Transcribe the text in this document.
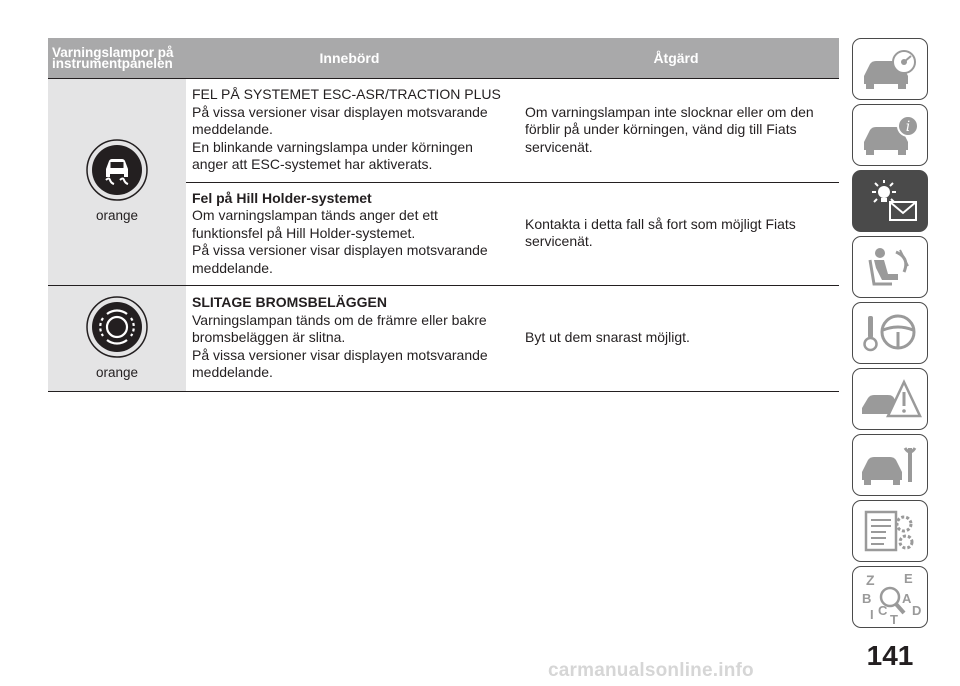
Varningslampor på
instrumentpanelen	Innebörd	Åtgärd

orange	FEL PÅ SYSTEMET ESC-ASR/TRACTION PLUS
På vissa versioner visar displayen motsvarande
meddelande.
En blinkande varningslampa under körningen
anger att ESC-systemet har aktiverats.	Om varningslampan inte slocknar eller om den
förblir på under körningen, vänd dig till Fiats
servicenät.

	Fel på Hill Holder-systemet
Om varningslampan tänds anger det ett
funktionsfel på Hill Holder-systemet.
På vissa versioner visar displayen motsvarande
meddelande.	Kontakta i detta fall så fort som möjligt Fiats
servicenät.

orange	SLITAGE BROMSBELÄGGEN
Varningslampan tänds om de främre eller bakre
bromsbeläggen är slitna.
På vissa versioner visar displayen motsvarande
meddelande.	Byt ut dem snarast möjligt.
i
Z E
B A
I C D
T
141
carmanualsonline.info
